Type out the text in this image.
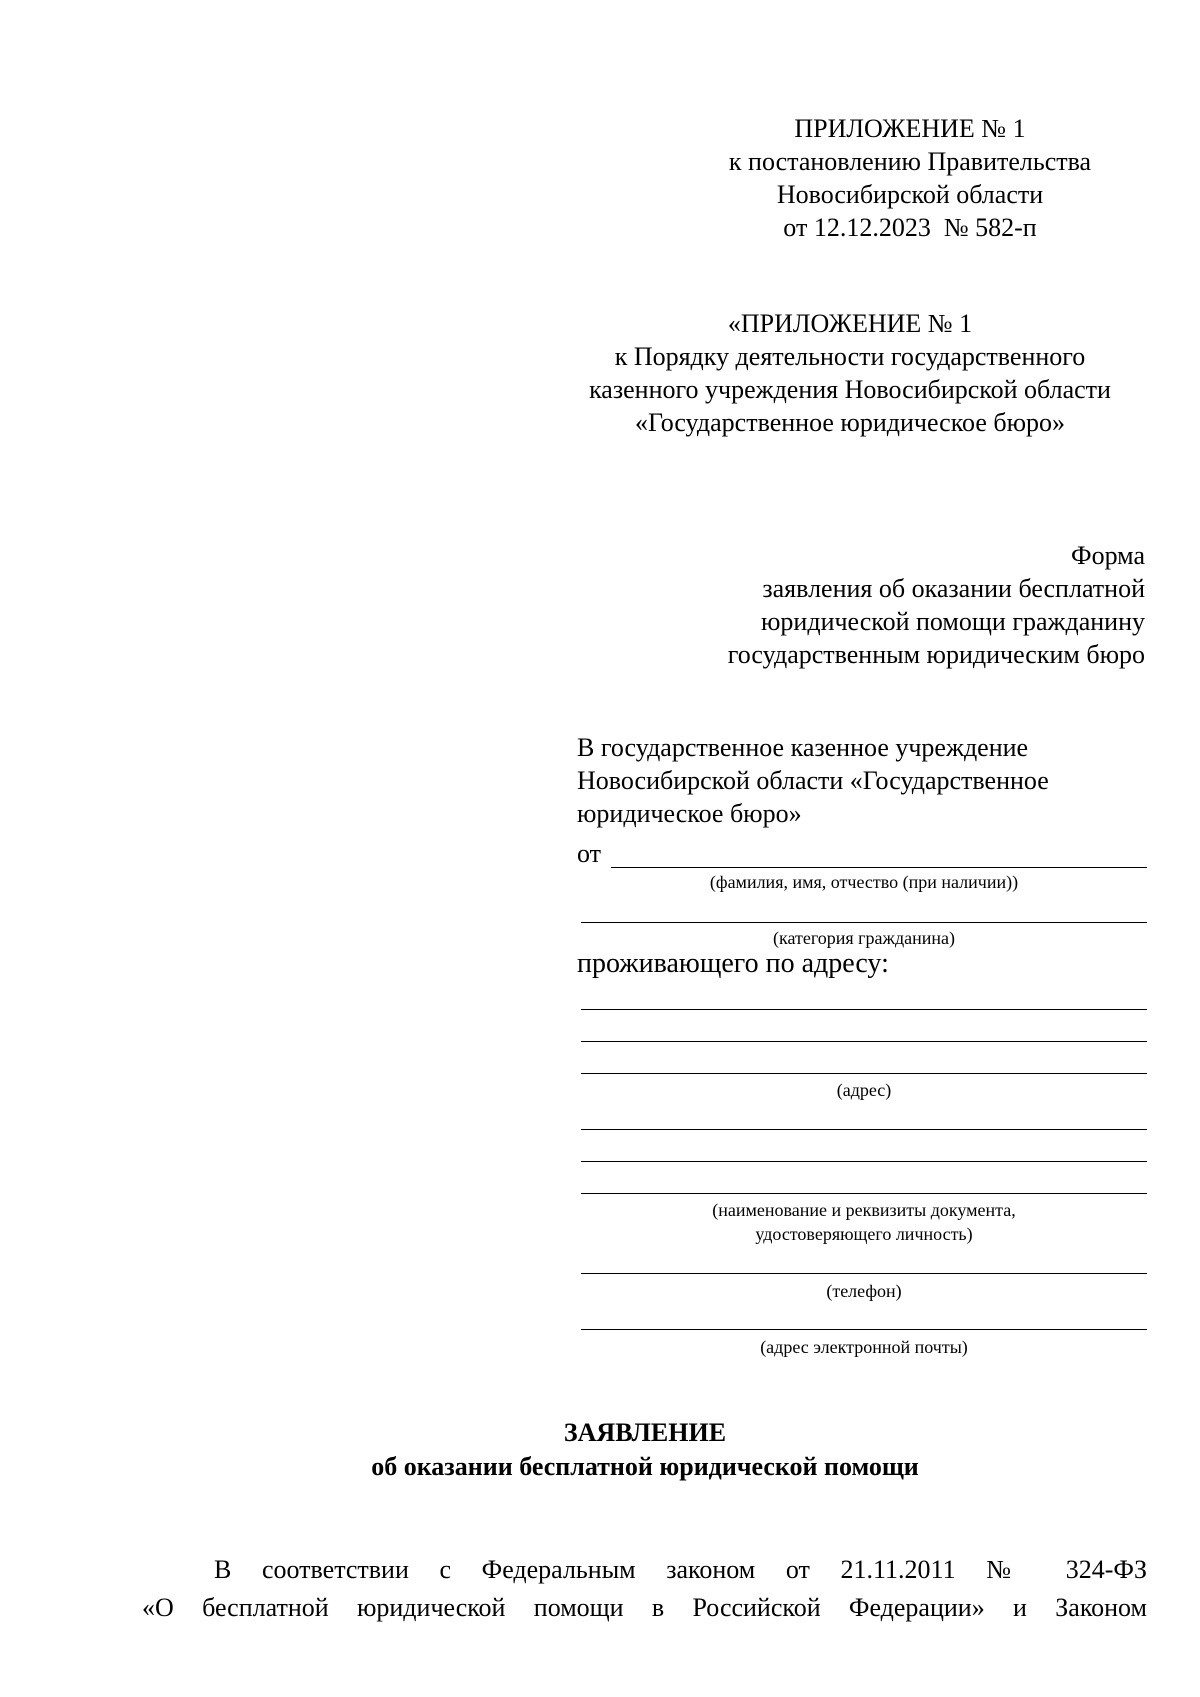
ПРИЛОЖЕНИЕ № 1
к постановлению Правительства
Новосибирской области
от 12.12.2023  № 582-п
«ПРИЛОЖЕНИЕ № 1
к Порядку деятельности государственного
казенного учреждения Новосибирской области
«Государственное юридическое бюро»
Форма
заявления об оказании бесплатной
юридической помощи гражданину
государственным юридическим бюро
В государственное казенное учреждение
Новосибирской области «Государственное
юридическое бюро»
от
(фамилия, имя, отчество (при наличии))
(категория гражданина)
проживающего по адресу:
(адрес)
(наименование и реквизиты документа,
удостоверяющего личность)
(телефон)
(адрес электронной почты)
ЗАЯВЛЕНИЕ
об оказании бесплатной юридической помощи
В соответствии с Федеральным законом от 21.11.2011 № 324-ФЗ
«О бесплатной юридической помощи в Российской Федерации» и Законом
